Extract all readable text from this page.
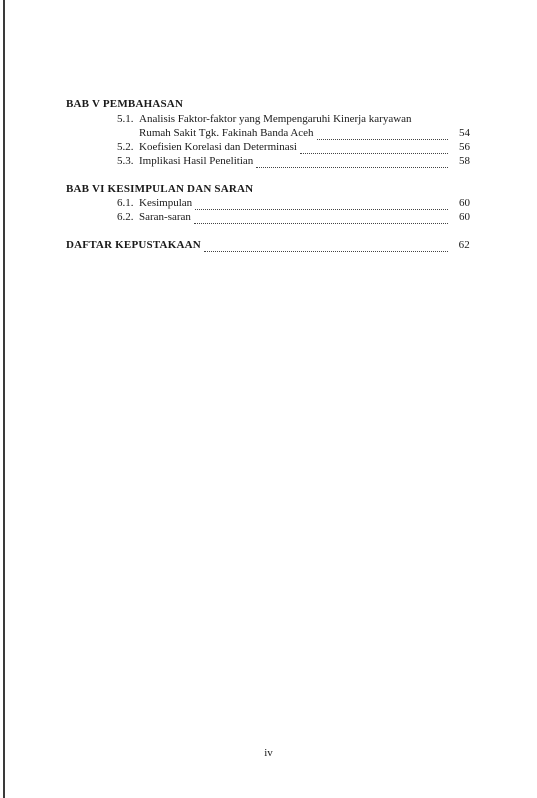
BAB V PEMBAHASAN
5.1. Analisis Faktor-faktor yang Mempengaruhi Kinerja karyawan
Rumah Sakit Tgk. Fakinah Banda Aceh	54
5.2. Koefisien Korelasi dan Determinasi	56
5.3. Implikasi Hasil Penelitian	58
BAB VI KESIMPULAN DAN SARAN
6.1. Kesimpulan	60
6.2. Saran-saran	60
DAFTAR KEPUSTAKAAN	62
iv
